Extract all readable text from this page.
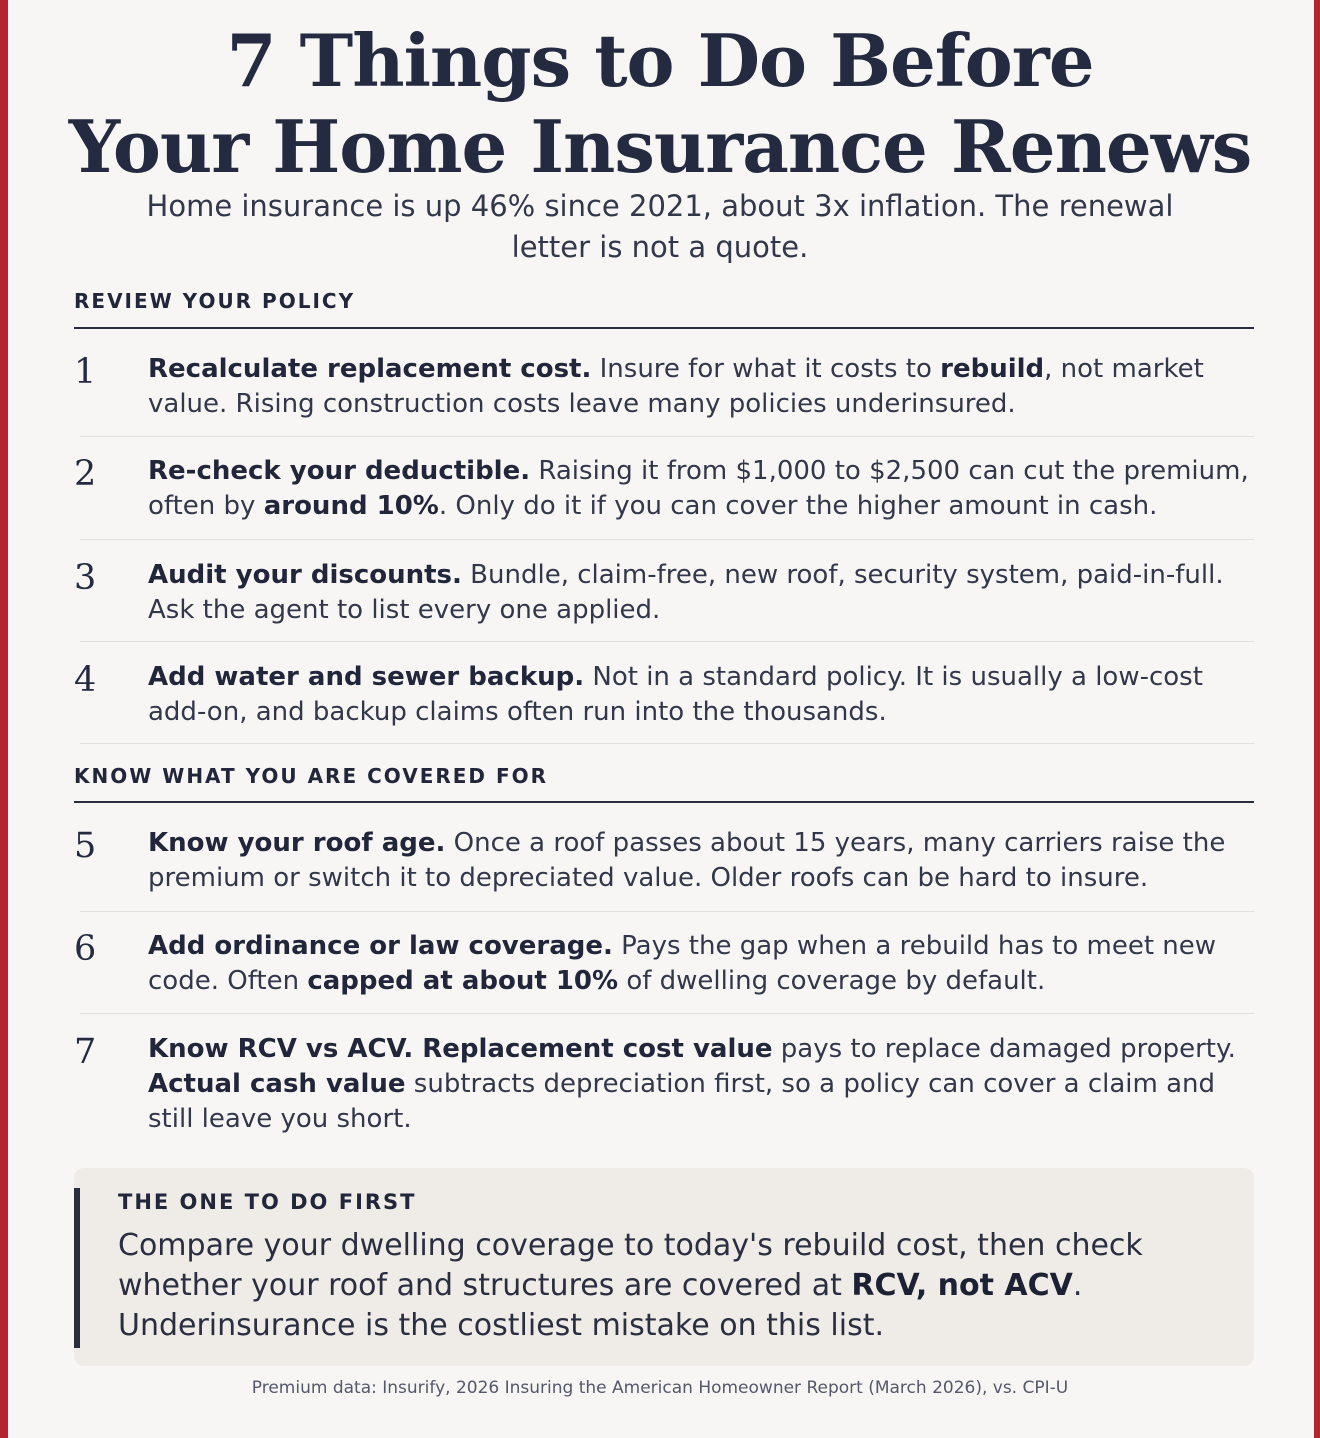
7 Things to Do Before
Your Home Insurance Renews

Home insurance is up 46% since 2021, about 3x inflation. The renewal letter is not a quote.

REVIEW YOUR POLICY
1 Recalculate replacement cost. Insure for what it costs to rebuild, not market value. Rising construction costs leave many policies underinsured.
2 Re-check your deductible. Raising it from $1,000 to $2,500 can cut the premium, often by around 10%. Only do it if you can cover the higher amount in cash.
3 Audit your discounts. Bundle, claim-free, new roof, security system, paid-in-full. Ask the agent to list every one applied.
4 Add water and sewer backup. Not in a standard policy. It is usually a low-cost add-on, and backup claims often run into the thousands.
KNOW WHAT YOU ARE COVERED FOR
5 Know your roof age. Once a roof passes about 15 years, many carriers raise the premium or switch it to depreciated value. Older roofs can be hard to insure.
6 Add ordinance or law coverage. Pays the gap when a rebuild has to meet new code. Often capped at about 10% of dwelling coverage by default.
7 Know RCV vs ACV. Replacement cost value pays to replace damaged property. Actual cash value subtracts depreciation first, so a policy can cover a claim and still leave you short.
THE ONE TO DO FIRST
Compare your dwelling coverage to today's rebuild cost, then check whether your roof and structures are covered at RCV, not ACV. Underinsurance is the costliest mistake on this list.
Premium data: Insurify, 2026 Insuring the American Homeowner Report (March 2026), vs. CPI-U
